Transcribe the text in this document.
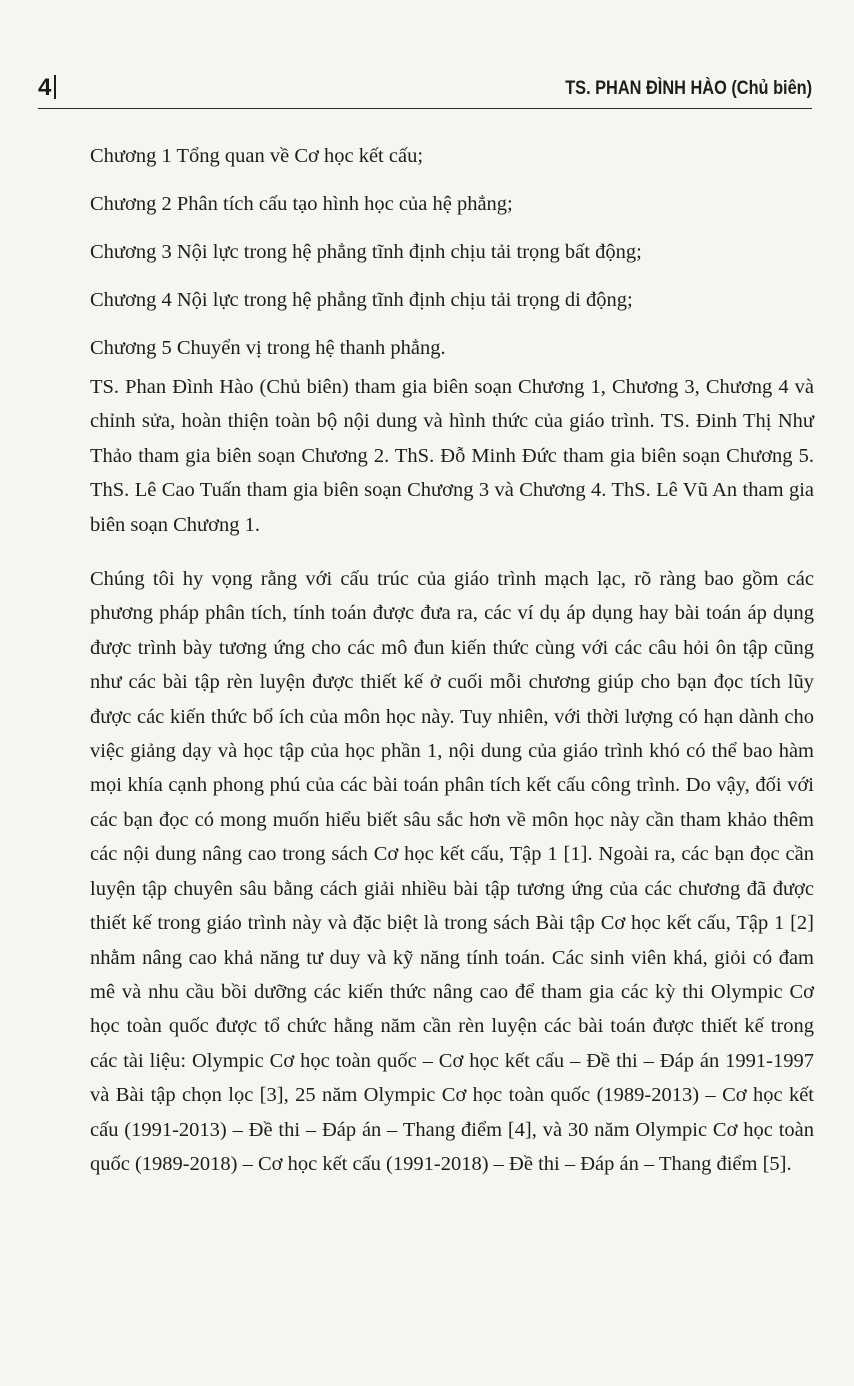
4	TS. PHAN ĐÌNH HÀO (Chủ biên)
Chương 1 Tổng quan về Cơ học kết cấu;
Chương 2 Phân tích cấu tạo hình học của hệ phẳng;
Chương 3 Nội lực trong hệ phẳng tĩnh định chịu tải trọng bất động;
Chương 4 Nội lực trong hệ phẳng tĩnh định chịu tải trọng di động;
Chương 5 Chuyển vị trong hệ thanh phẳng.

TS. Phan Đình Hào (Chủ biên) tham gia biên soạn Chương 1, Chương 3, Chương 4 và chỉnh sửa, hoàn thiện toàn bộ nội dung và hình thức của giáo trình. TS. Đinh Thị Như Thảo tham gia biên soạn Chương 2. ThS. Đỗ Minh Đức tham gia biên soạn Chương 5. ThS. Lê Cao Tuấn tham gia biên soạn Chương 3 và Chương 4. ThS. Lê Vũ An tham gia biên soạn Chương 1.

Chúng tôi hy vọng rằng với cấu trúc của giáo trình mạch lạc, rõ ràng bao gồm các phương pháp phân tích, tính toán được đưa ra, các ví dụ áp dụng hay bài toán áp dụng được trình bày tương ứng cho các mô đun kiến thức cùng với các câu hỏi ôn tập cũng như các bài tập rèn luyện được thiết kế ở cuối mỗi chương giúp cho bạn đọc tích lũy được các kiến thức bổ ích của môn học này. Tuy nhiên, với thời lượng có hạn dành cho việc giảng dạy và học tập của học phần 1, nội dung của giáo trình khó có thể bao hàm mọi khía cạnh phong phú của các bài toán phân tích kết cấu công trình. Do vậy, đối với các bạn đọc có mong muốn hiểu biết sâu sắc hơn về môn học này cần tham khảo thêm các nội dung nâng cao trong sách Cơ học kết cấu, Tập 1 [1]. Ngoài ra, các bạn đọc cần luyện tập chuyên sâu bằng cách giải nhiều bài tập tương ứng của các chương đã được thiết kế trong giáo trình này và đặc biệt là trong sách Bài tập Cơ học kết cấu, Tập 1 [2] nhằm nâng cao khả năng tư duy và kỹ năng tính toán. Các sinh viên khá, giỏi có đam mê và nhu cầu bồi dưỡng các kiến thức nâng cao để tham gia các kỳ thi Olympic Cơ học toàn quốc được tổ chức hằng năm cần rèn luyện các bài toán được thiết kế trong các tài liệu: Olympic Cơ học toàn quốc – Cơ học kết cấu – Đề thi – Đáp án 1991-1997 và Bài tập chọn lọc [3], 25 năm Olympic Cơ học toàn quốc (1989-2013) – Cơ học kết cấu (1991-2013) – Đề thi – Đáp án – Thang điểm [4], và 30 năm Olympic Cơ học toàn quốc (1989-2018) – Cơ học kết cấu (1991-2018) – Đề thi – Đáp án – Thang điểm [5].
